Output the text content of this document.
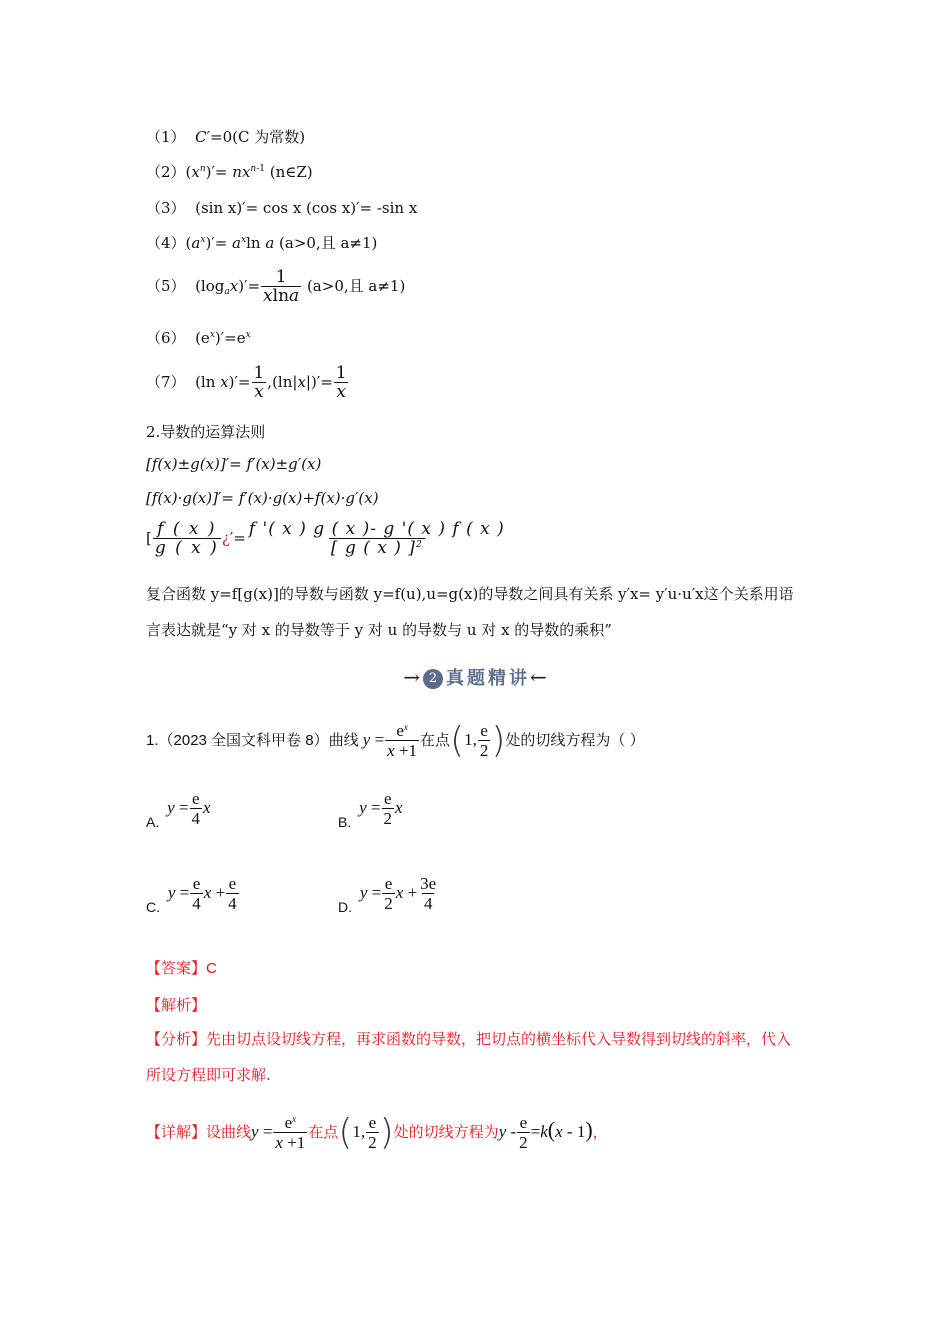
（1） C′=0(C 为常数)
$(2)(x^n)'= nx^{n-1}$ (n∈Z)
（3） (sin x)′= cos x (cos x)′= -sin x
$(4)(a^x)'= a^x\ln$ a (a>0,且 a≠1)
（5）  $(\log_ax)'= \frac{1}{xlna} (a>0$,且 a≠1)
（6）  $(e^x)'=e^x$
（7）  (ln $x)'= \frac{1}{x} ,(\ln|x|)'= \frac{1}{x}$
2.导数的运算法则
[f(x)±g(x)]′= f′(x)±g′(x)
[f(x)·g(x)]′= f′(x)·g(x)+f(x)·g′(x)
[ $\frac{f ( x )}{g ( x )}$ ¿′= $\frac{f '( x ) g ( x )- g '( x ) f ( x )}{[ g ( x ) ]^2}$
复合函数 y=f[g(x)]的导数与函数 y=f(u),u=g(x)的导数之间具有关系 y′x= y′u·u′x这个关系用语言表达就是“y 对 x 的导数等于 y 对 u 的导数与 u 对 x 的导数的乘积”
→ 2 真题精讲←
1.（2023 全国文科甲卷 8）曲线 $y = \frac{e^x}{x +1}$ 在点(1, $\frac{e}{2}$ )处的切线方程为（ ）
A. $y = \frac{e}{4}$ x
B. $y = \frac{e}{2}$ x
C. $y = \frac{e}{4}$ $x + \frac{e}{4}$	D. $y = \frac{e}{2}$ $x + \frac{3e}{4}$
【答案】C
【解析】
【分析】先由切点设切线方程，再求函数的导数，把切点的横坐标代入导数得到切线的斜率，代入所设方程即可求解.
【详解】设曲线$y = \frac{e^x}{x +1}$ 在点(1, $\frac{e}{2}$ )处的切线方程为$y - \frac{e}{2} =k(x - 1)$，
